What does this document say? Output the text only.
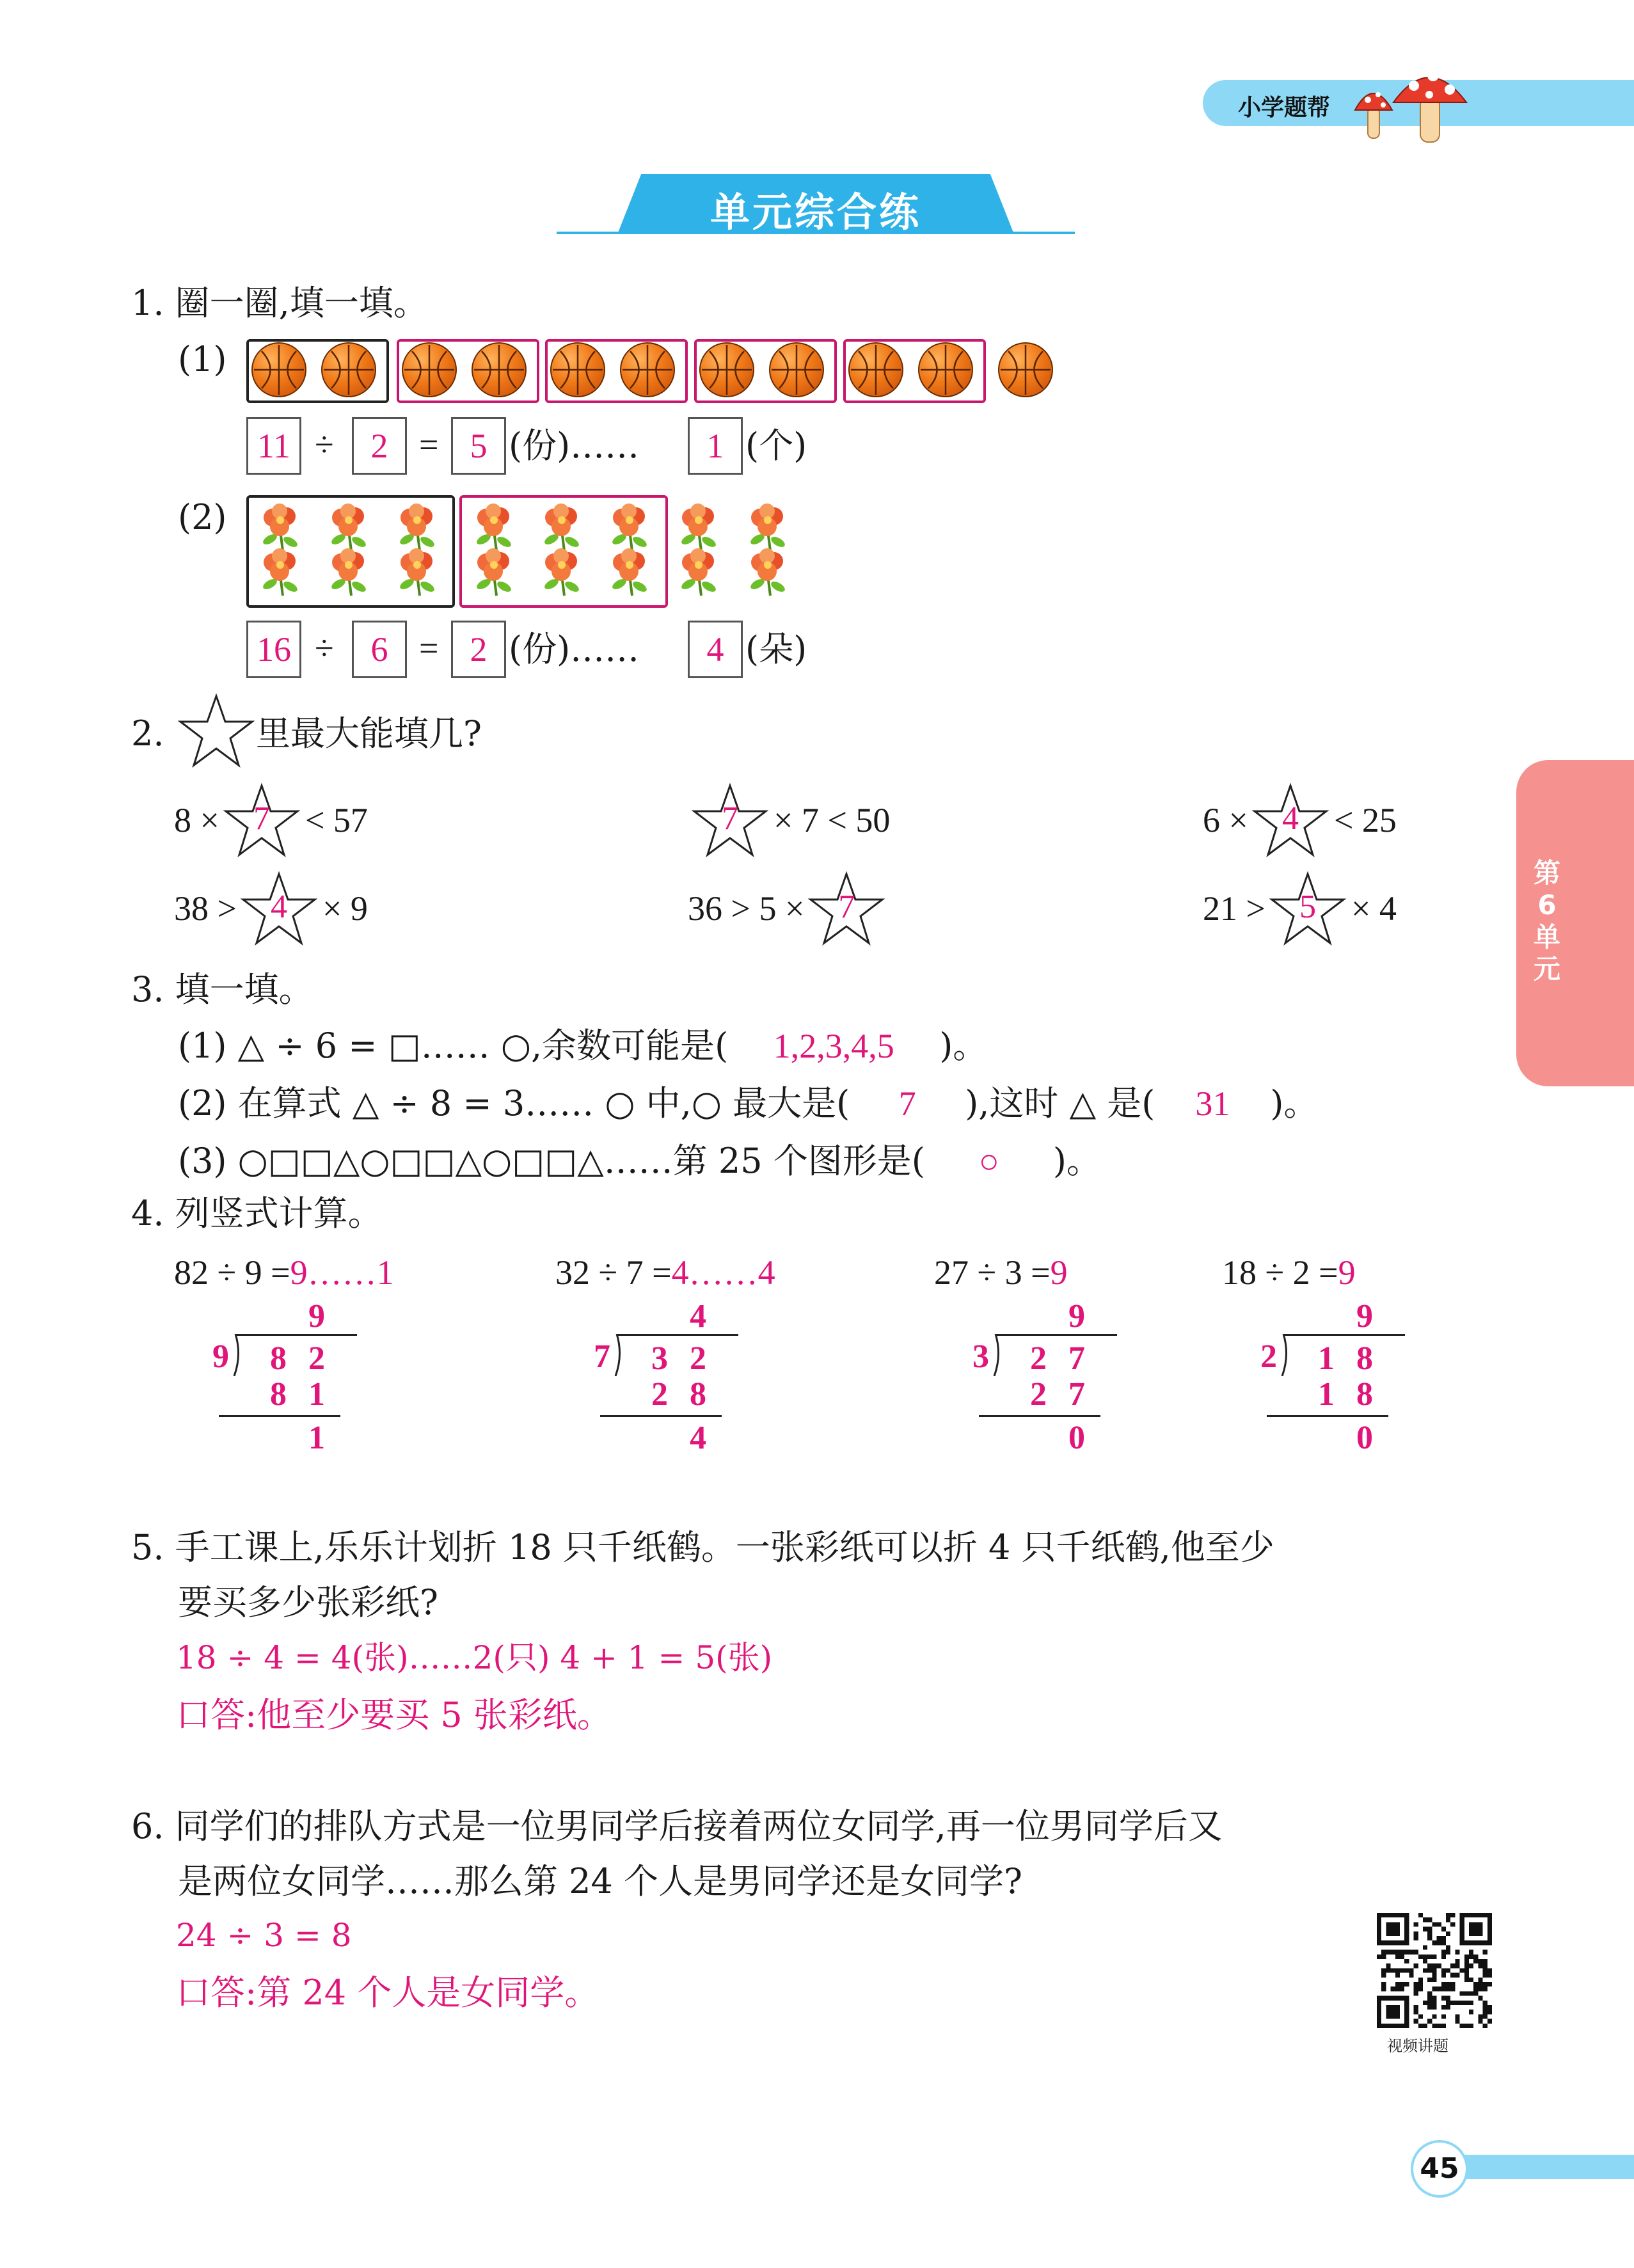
小学题帮
单元综合练
第
6
单
元
1. 圈一圈,填一填。
(1)
11 ÷	2 = 5 (份)……	1 (个)
(2)
16 ÷	6 = 2 (份)……	4 (朵)
2.	里最大能填几?
8 ×	7	< 57	7	× 7 < 50	6 ×	4	< 25
38 >	4	× 9	36 > 5 ×	7	21 >	5	× 4
3. 填一填。
(1) △ ÷ 6 = □…… ○,余数可能是( 1,2,3,4,5 )。
(2) 在算式 △ ÷ 8 = 3…… ○ 中,○ 最大是( 7 ),这时 △ 是( 31 )。
(3) ○□□△○□□△○□□△……第 25 个图形是( ○ )。
4. 列竖式计算。
82 ÷ 9 =9……1
9
9 8 2
8 1
1
32 ÷ 7 =4……4
4
7 3 2
2 8
4
27 ÷ 3 =9
9
3 2 7
2 7
0
18 ÷ 2 =9
9
2 1 8
1 8
0
5. 手工课上,乐乐计划折 18 只千纸鹤。一张彩纸可以折 4 只千纸鹤,他至少
要买多少张彩纸?
18 ÷ 4 = 4(张)……2(只) 4 + 1 = 5(张)
口答:他至少要买 5 张彩纸。
6. 同学们的排队方式是一位男同学后接着两位女同学,再一位男同学后又
是两位女同学……那么第 24 个人是男同学还是女同学?
24 ÷ 3 = 8
口答:第 24 个人是女同学。
视频讲题
45
